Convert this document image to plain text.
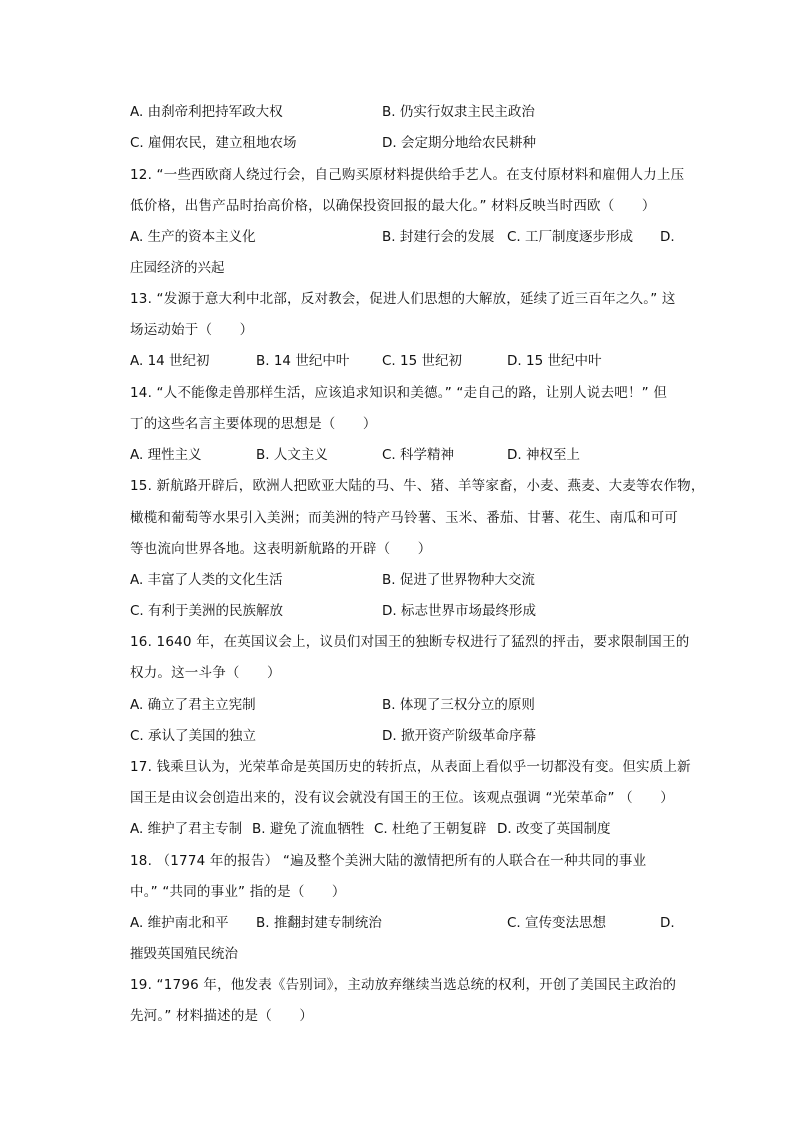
A. 由刹帝利把持军政大权	B. 仍实行奴隶主民主政治
C. 雇佣农民，建立租地农场	D. 会定期分地给农民耕种
12. “一些西欧商人绕过行会，自己购买原材料提供给手艺人。在支付原材料和雇佣人力上压
低价格，出售产品时抬高价格，以确保投资回报的最大化。” 材料反映当时西欧（　　）
A. 生产的资本主义化	B. 封建行会的发展 C. 工厂制度逐步形成 D.
庄园经济的兴起
13. “发源于意大利中北部，反对教会，促进人们思想的大解放，延续了近三百年之久。” 这
场运动始于（　　）
A. 14 世纪初	B. 14 世纪中叶 C. 15 世纪初	D. 15 世纪中叶
14. “人不能像走兽那样生活，应该追求知识和美德。” “走自己的路，让别人说去吧！” 但
丁的这些名言主要体现的思想是（　　）
A. 理性主义	B. 人文主义	C. 科学精神	D. 神权至上
15. 新航路开辟后，欧洲人把欧亚大陆的马、牛、猪、羊等家畜，小麦、燕麦、大麦等农作物，
橄榄和葡萄等水果引入美洲；而美洲的特产马铃薯、玉米、番茄、甘薯、花生、南瓜和可可
等也流向世界各地。这表明新航路的开辟（　　）
A. 丰富了人类的文化生活	B. 促进了世界物种大交流
C. 有利于美洲的民族解放	D. 标志世界市场最终形成
16. 1640 年，在英国议会上，议员们对国王的独断专权进行了猛烈的抨击，要求限制国王的
权力。这一斗争（　　）
A. 确立了君主立宪制	B. 体现了三权分立的原则
C. 承认了美国的独立	D. 掀开资产阶级革命序幕
17. 钱乘旦认为，光荣革命是英国历史的转折点，从表面上看似乎一切都没有变。但实质上新
国王是由议会创造出来的，没有议会就没有国王的王位。该观点强调 “光荣革命” （　　）
A. 维护了君主专制 B. 避免了流血牺牲 C. 杜绝了王朝复辟 D. 改变了英国制度
18. （1774 年的报告） “遍及整个美洲大陆的激情把所有的人联合在一种共同的事业
中。” “共同的事业” 指的是（　　）
A. 维护南北和平 B. 推翻封建专制统治	C. 宣传变法思想	D.
摧毁英国殖民统治
19. “1796 年，他发表《告别词》，主动放弃继续当选总统的权利，开创了美国民主政治的
先河。” 材料描述的是（　　）
